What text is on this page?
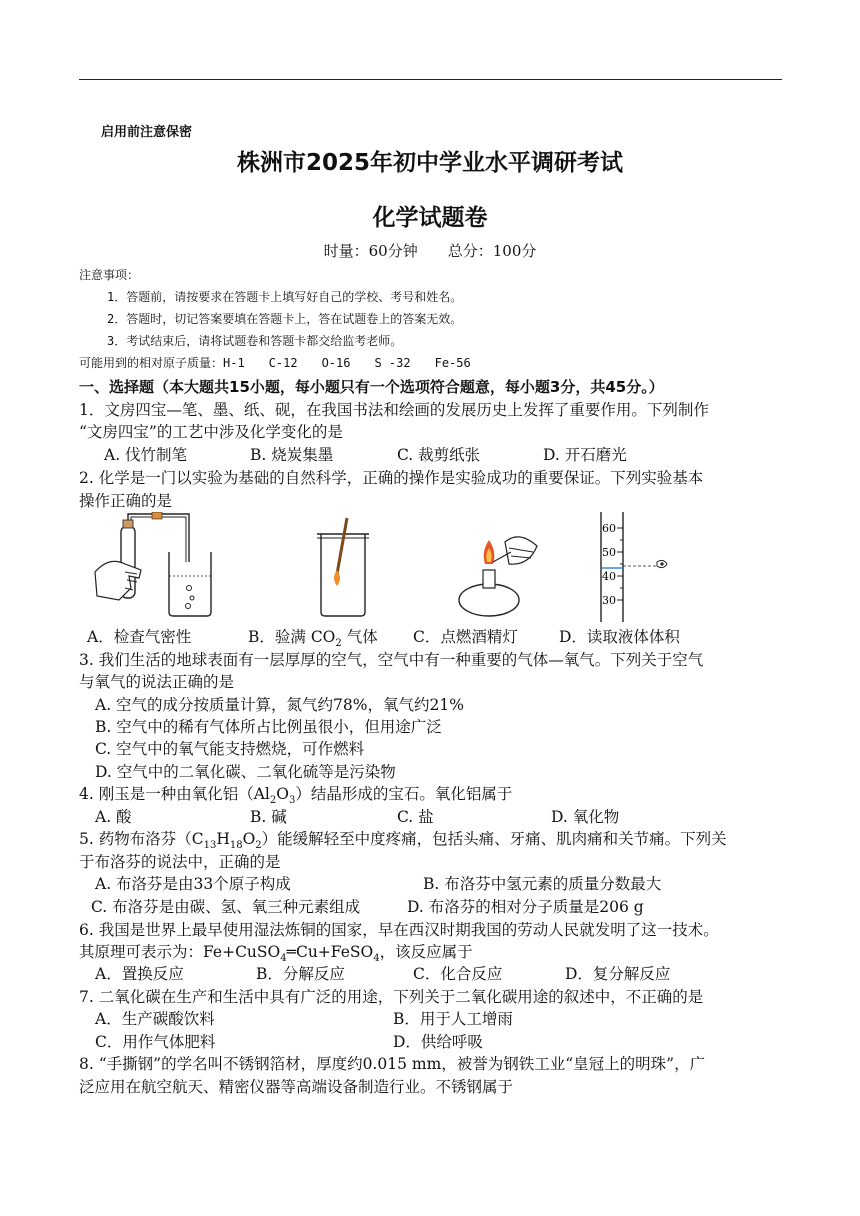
启用前注意保密
株洲市2025年初中学业水平调研考试
化学试题卷
时量：60分钟　　总分：100分
注意事项：
1．答题前，请按要求在答题卡上填写好自己的学校、考号和姓名。
2．答题时，切记答案要填在答题卡上，答在试题卷上的答案无效。
3．考试结束后，请将试题卷和答题卡都交给监考老师。
可能用到的相对原子质量：H-1　　C-12　　O-16　　S -32　　Fe-56
一、选择题（本大题共15小题，每小题只有一个选项符合题意，每小题3分，共45分。）
1．文房四宝—笔、墨、纸、砚，在我国书法和绘画的发展历史上发挥了重要作用。下列制作
“文房四宝”的工艺中涉及化学变化的是
A. 伐竹制笔	B. 烧炭集墨	C. 裁剪纸张	D. 开石磨光
2. 化学是一门以实验为基础的自然科学，正确的操作是实验成功的重要保证。下列实验基本
操作正确的是
60
50
40
30
A．检查气密性	B．验满 $CO_2$ 气体 C．点燃酒精灯	D．读取液体体积
3. 我们生活的地球表面有一层厚厚的空气，空气中有一种重要的气体—氧气。下列关于空气
与氧气的说法正确的是
A. 空气的成分按质量计算，氮气约78%，氧气约21%
B. 空气中的稀有气体所占比例虽很小，但用途广泛
C. 空气中的氧气能支持燃烧，可作燃料
D. 空气中的二氧化碳、二氧化硫等是污染物
4. 刚玉是一种由氧化铝$(Al_2O_3)$结晶形成的宝石。氧化铝属于
A. 酸	B. 碱	C. 盐	D. 氧化物
5. 药物布洛芬$(C_{13}H_{18}O_2)$能缓解轻至中度疼痛，包括头痛、牙痛、肌肉痛和关节痛。下列关
于布洛芬的说法中，正确的是
A. 布洛芬是由33个原子构成	B. 布洛芬中氢元素的质量分数最大
C. 布洛芬是由碳、氢、氧三种元素组成	D. 布洛芬的相对分子质量是206 g
6. 我国是世界上最早使用湿法炼铜的国家，早在西汉时期我国的劳动人民就发明了这一技术。
其原理可表示为：Fe+CuSO$_4$═Cu+FeSO$_4$，该反应属于
A．置换反应	B．分解反应	C．化合反应	D．复分解反应
7. 二氧化碳在生产和生活中具有广泛的用途，下列关于二氧化碳用途的叙述中，不正确的是
A．生产碳酸饮料	B．用于人工增雨
C．用作气体肥料	D．供给呼吸
8. “手撕钢”的学名叫不锈钢箔材，厚度约0.015 mm，被誉为钢铁工业“皇冠上的明珠”，广
泛应用在航空航天、精密仪器等高端设备制造行业。不锈钢属于
